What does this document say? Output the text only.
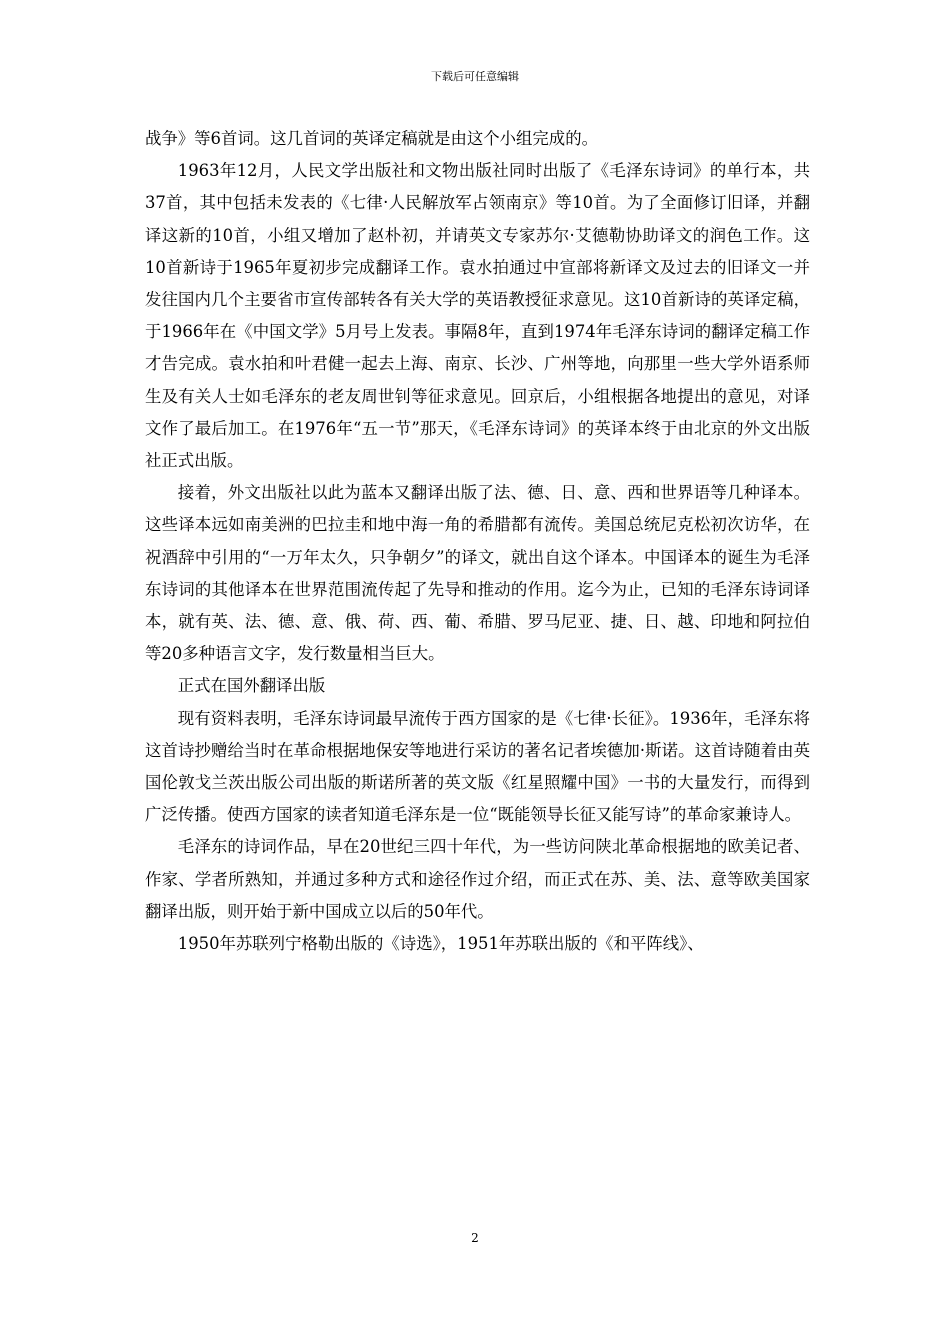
下载后可任意编辑

战争》等6首词。这几首词的英译定稿就是由这个小组完成的。

1963年12月，人民文学出版社和文物出版社同时出版了《毛泽东诗词》的单行本，共37首，其中包括未发表的《七律·人民解放军占领南京》等10首。为了全面修订旧译，并翻译这新的10首，小组又增加了赵朴初，并请英文专家苏尔·艾德勒协助译文的润色工作。这10首新诗于1965年夏初步完成翻译工作。袁水拍通过中宣部将新译文及过去的旧译文一并发往国内几个主要省市宣传部转各有关大学的英语教授征求意见。这10首新诗的英译定稿，于1966年在《中国文学》5月号上发表。事隔8年，直到1974年毛泽东诗词的翻译定稿工作才告完成。袁水拍和叶君健一起去上海、南京、长沙、广州等地，向那里一些大学外语系师生及有关人士如毛泽东的老友周世钊等征求意见。回京后，小组根据各地提出的意见，对译文作了最后加工。在1976年“五一节”那天，《毛泽东诗词》的英译本终于由北京的外文出版社正式出版。

接着，外文出版社以此为蓝本又翻译出版了法、德、日、意、西和世界语等几种译本。这些译本远如南美洲的巴拉圭和地中海一角的希腊都有流传。美国总统尼克松初次访华，在祝酒辞中引用的“一万年太久，只争朝夕”的译文，就出自这个译本。中国译本的诞生为毛泽东诗词的其他译本在世界范围流传起了先导和推动的作用。迄今为止，已知的毛泽东诗词译本，就有英、法、德、意、俄、荷、西、葡、希腊、罗马尼亚、捷、日、越、印地和阿拉伯等20多种语言文字，发行数量相当巨大。

正式在国外翻译出版

现有资料表明，毛泽东诗词最早流传于西方国家的是《七律·长征》。1936年，毛泽东将这首诗抄赠给当时在革命根据地保安等地进行采访的著名记者埃德加·斯诺。这首诗随着由英国伦敦戈兰茨出版公司出版的斯诺所著的英文版《红星照耀中国》一书的大量发行，而得到广泛传播。使西方国家的读者知道毛泽东是一位“既能领导长征又能写诗”的革命家兼诗人。

毛泽东的诗词作品，早在20世纪三四十年代，为一些访问陕北革命根据地的欧美记者、作家、学者所熟知，并通过多种方式和途径作过介绍，而正式在苏、美、法、意等欧美国家翻译出版，则开始于新中国成立以后的50年代。

1950年苏联列宁格勒出版的《诗选》，1951年苏联出版的《和平阵线》、

2
